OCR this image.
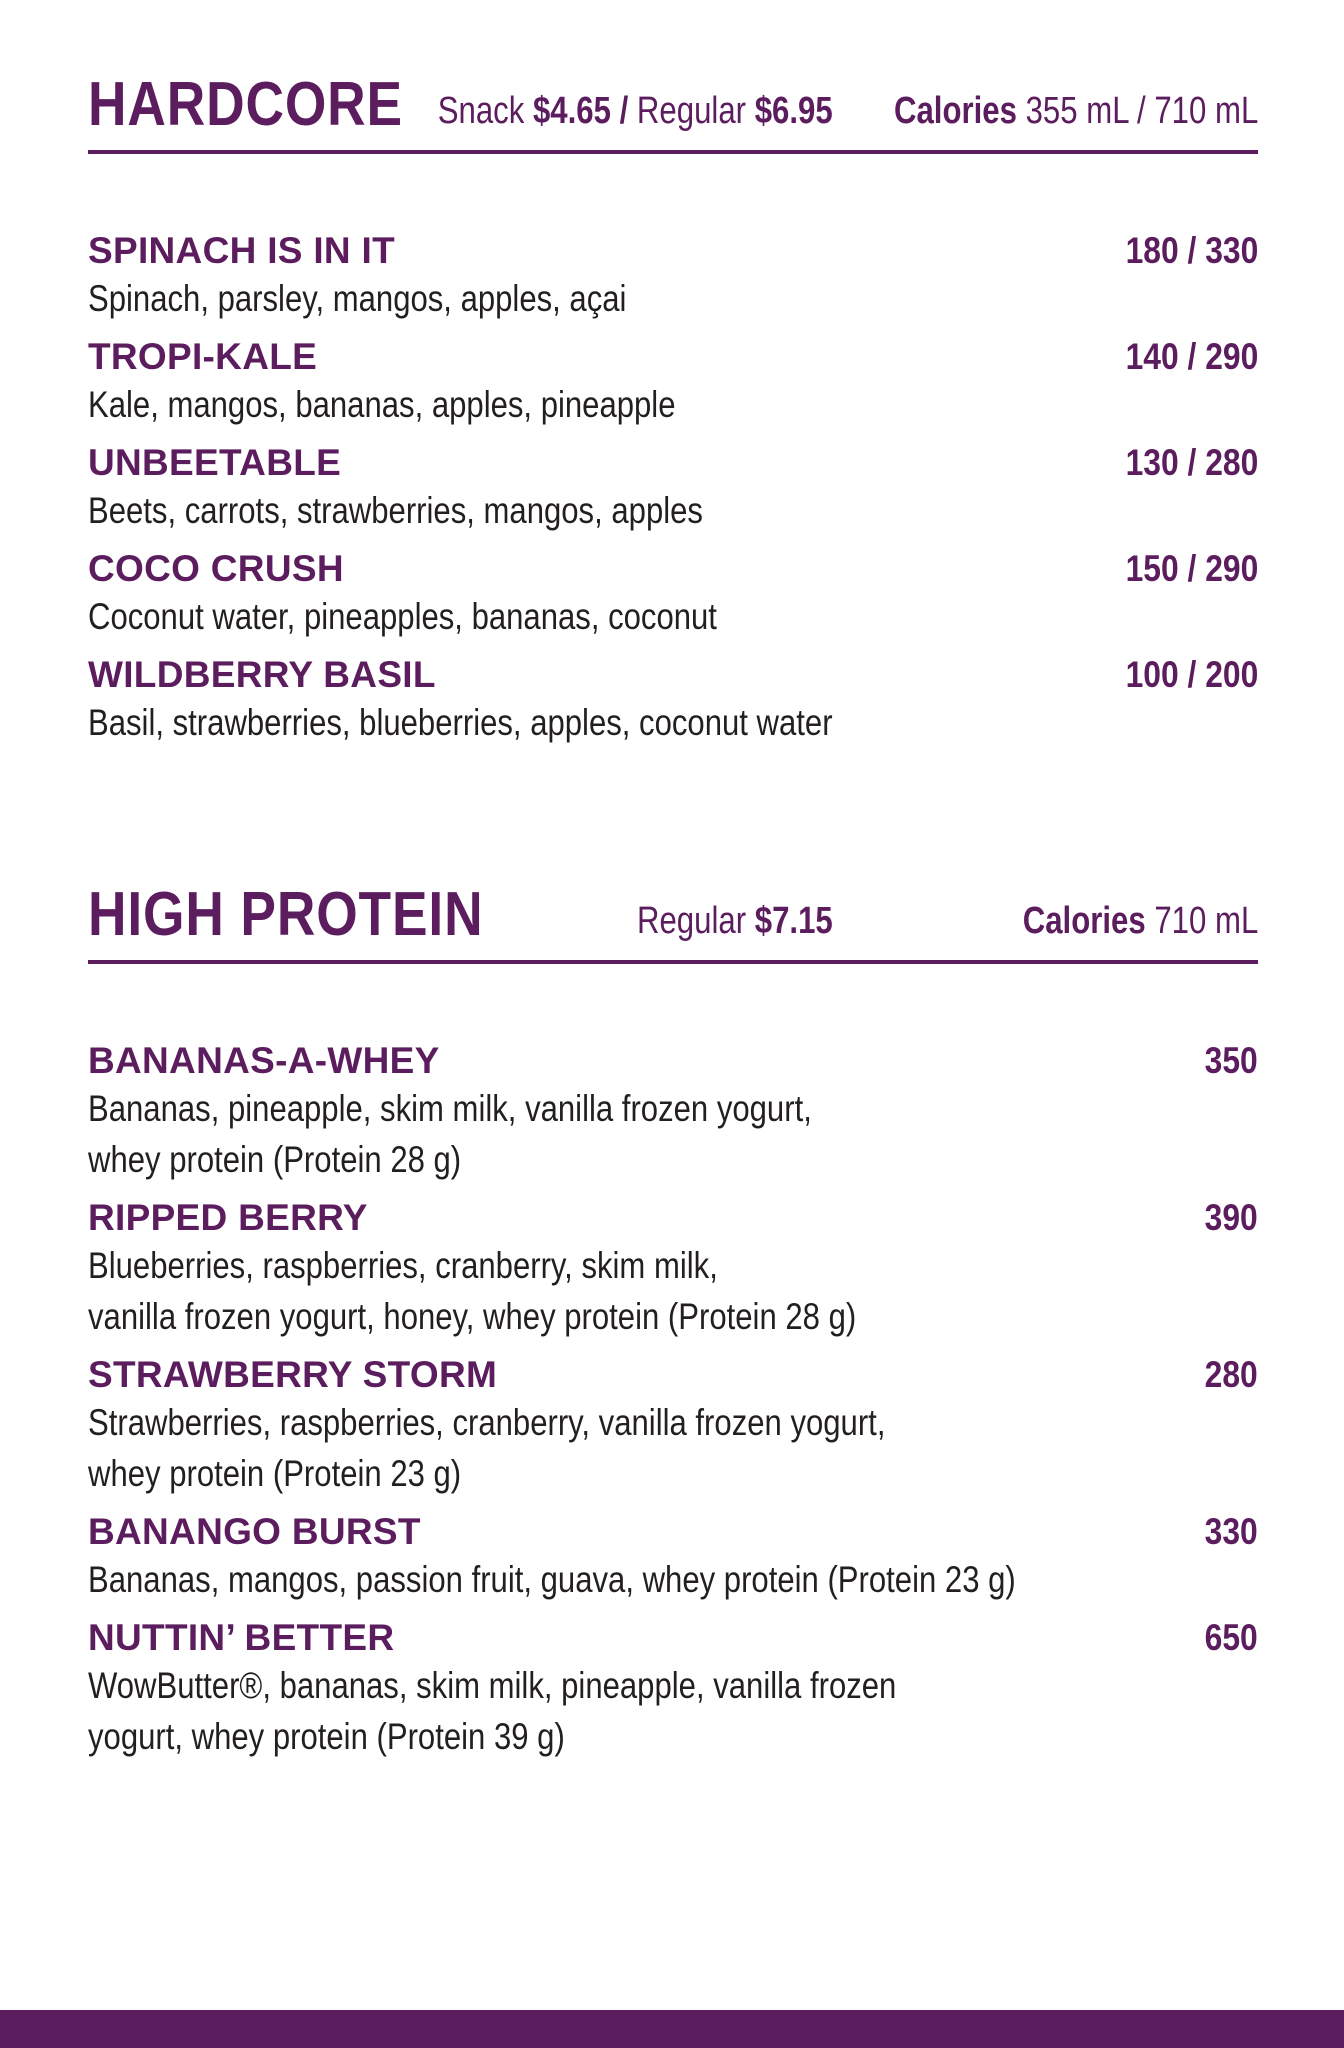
HARDCORE Snack $4.65 / Regular $6.95 Calories 355 mL / 710 mL
SPINACH IS IN IT	180 / 330
Spinach, parsley, mangos, apples, açai
TROPI-KALE	140 / 290
Kale, mangos, bananas, apples, pineapple
UNBEETABLE	130 / 280
Beets, carrots, strawberries, mangos, apples
COCO CRUSH	150 / 290
Coconut water, pineapples, bananas, coconut
WILDBERRY BASIL	100 / 200
Basil, strawberries, blueberries, apples, coconut water
HIGH PROTEIN	Regular $7.15	Calories 710 mL
BANANAS-A-WHEY	350
Bananas, pineapple, skim milk, vanilla frozen yogurt,
whey protein (Protein 28 g)
RIPPED BERRY	390
Blueberries, raspberries, cranberry, skim milk,
vanilla frozen yogurt, honey, whey protein (Protein 28 g)
STRAWBERRY STORM	280
Strawberries, raspberries, cranberry, vanilla frozen yogurt,
whey protein (Protein 23 g)
BANANGO BURST	330
Bananas, mangos, passion fruit, guava, whey protein (Protein 23 g)
NUTTIN’ BETTER	650
WowButter®, bananas, skim milk, pineapple, vanilla frozen
yogurt, whey protein (Protein 39 g)
